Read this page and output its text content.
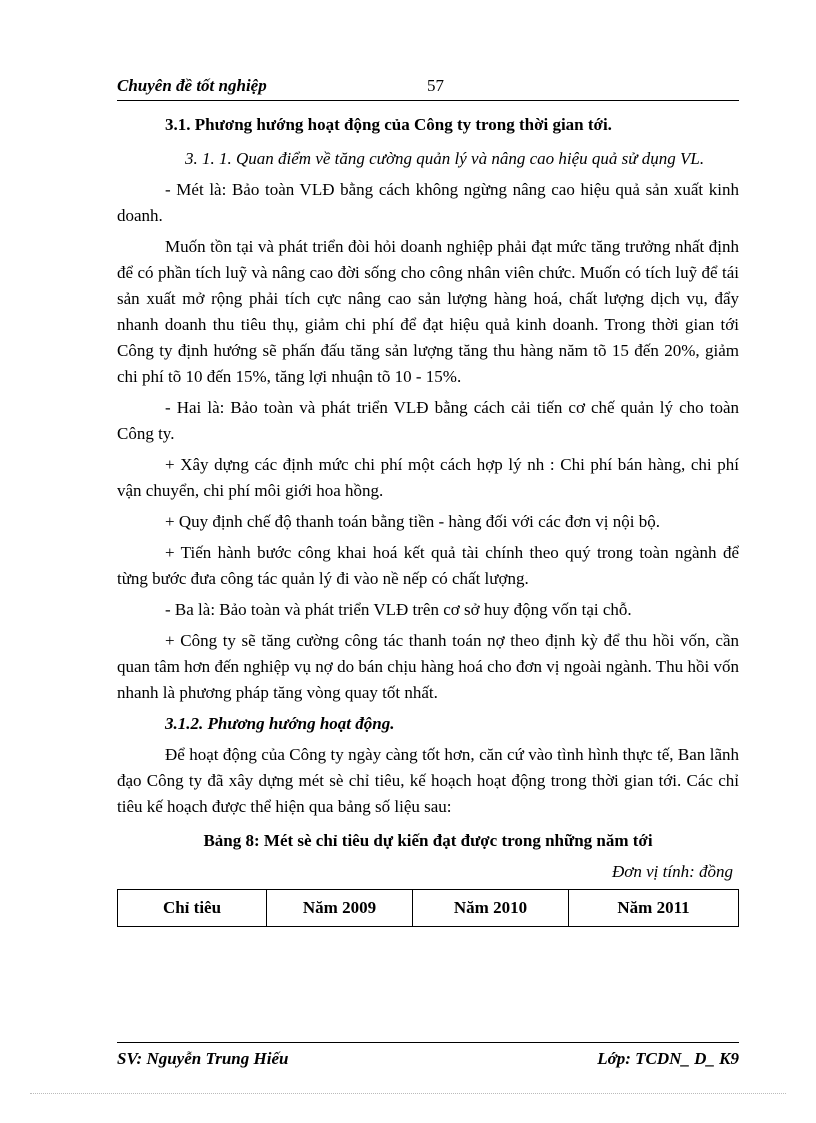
Chuyên đề tốt nghiệp	57

3.1. Phương hướng hoạt động của Công ty trong thời gian tới.

3. 1. 1. Quan điểm về tăng cường quản lý và nâng cao hiệu quả sử dụng VL.

- Mét là: Bảo toàn VLĐ bằng cách không ngừng nâng cao hiệu quả sản xuất kinh doanh.

Muốn tồn tại và phát triển đòi hỏi doanh nghiệp phải đạt mức tăng trưởng nhất định để có phần tích luỹ và nâng cao đời sống cho công nhân viên chức. Muốn có tích luỹ để tái sản xuất mở rộng phải tích cực nâng cao sản lượng hàng hoá, chất lượng dịch vụ, đẩy nhanh doanh thu tiêu thụ, giảm chi phí để đạt hiệu quả kinh doanh. Trong thời gian tới Công ty định hướng sẽ phấn đấu tăng sản lượng tăng thu hàng năm tõ 15 đến 20%, giảm chi phí tõ 10 đến 15%, tăng lợi nhuận tõ 10 - 15%.

- Hai là: Bảo toàn và phát triển VLĐ bằng cách cải tiến cơ chế quản lý cho toàn Công ty.

+ Xây dựng các định mức chi phí một cách hợp lý nh : Chi phí bán hàng, chi phí vận chuyển, chi phí môi giới hoa hồng.

+ Quy định chế độ thanh toán bằng tiền - hàng đối với các đơn vị nội bộ.

+ Tiến hành bước công khai hoá kết quả tài chính theo quý trong toàn ngành để từng bước đưa công tác quản lý đi vào nề nếp có chất lượng.

- Ba là: Bảo toàn và phát triển VLĐ trên cơ sở huy động vốn tại chỗ.

+ Công ty sẽ tăng cường công tác thanh toán nợ theo định kỳ để thu hồi vốn, cần quan tâm hơn đến nghiệp vụ nợ do bán chịu hàng hoá cho đơn vị ngoài ngành. Thu hồi vốn nhanh là phương pháp tăng vòng quay tốt nhất.

3.1.2. Phương hướng hoạt động.

Để hoạt động của Công ty ngày càng tốt hơn, căn cứ vào tình hình thực tế, Ban lãnh đạo Công ty đã xây dựng mét sè chỉ tiêu, kế hoạch hoạt động trong thời gian tới. Các chỉ tiêu kế hoạch được thể hiện qua bảng số liệu sau:

Bảng 8: Mét sè chỉ tiêu dự kiến đạt được trong những năm tới

Đơn vị tính: đồng

Chỉ tiêu	Năm 2009	Năm 2010	Năm 2011
SV: Nguyễn Trung Hiếu	Lớp: TCDN_ D_ K9
